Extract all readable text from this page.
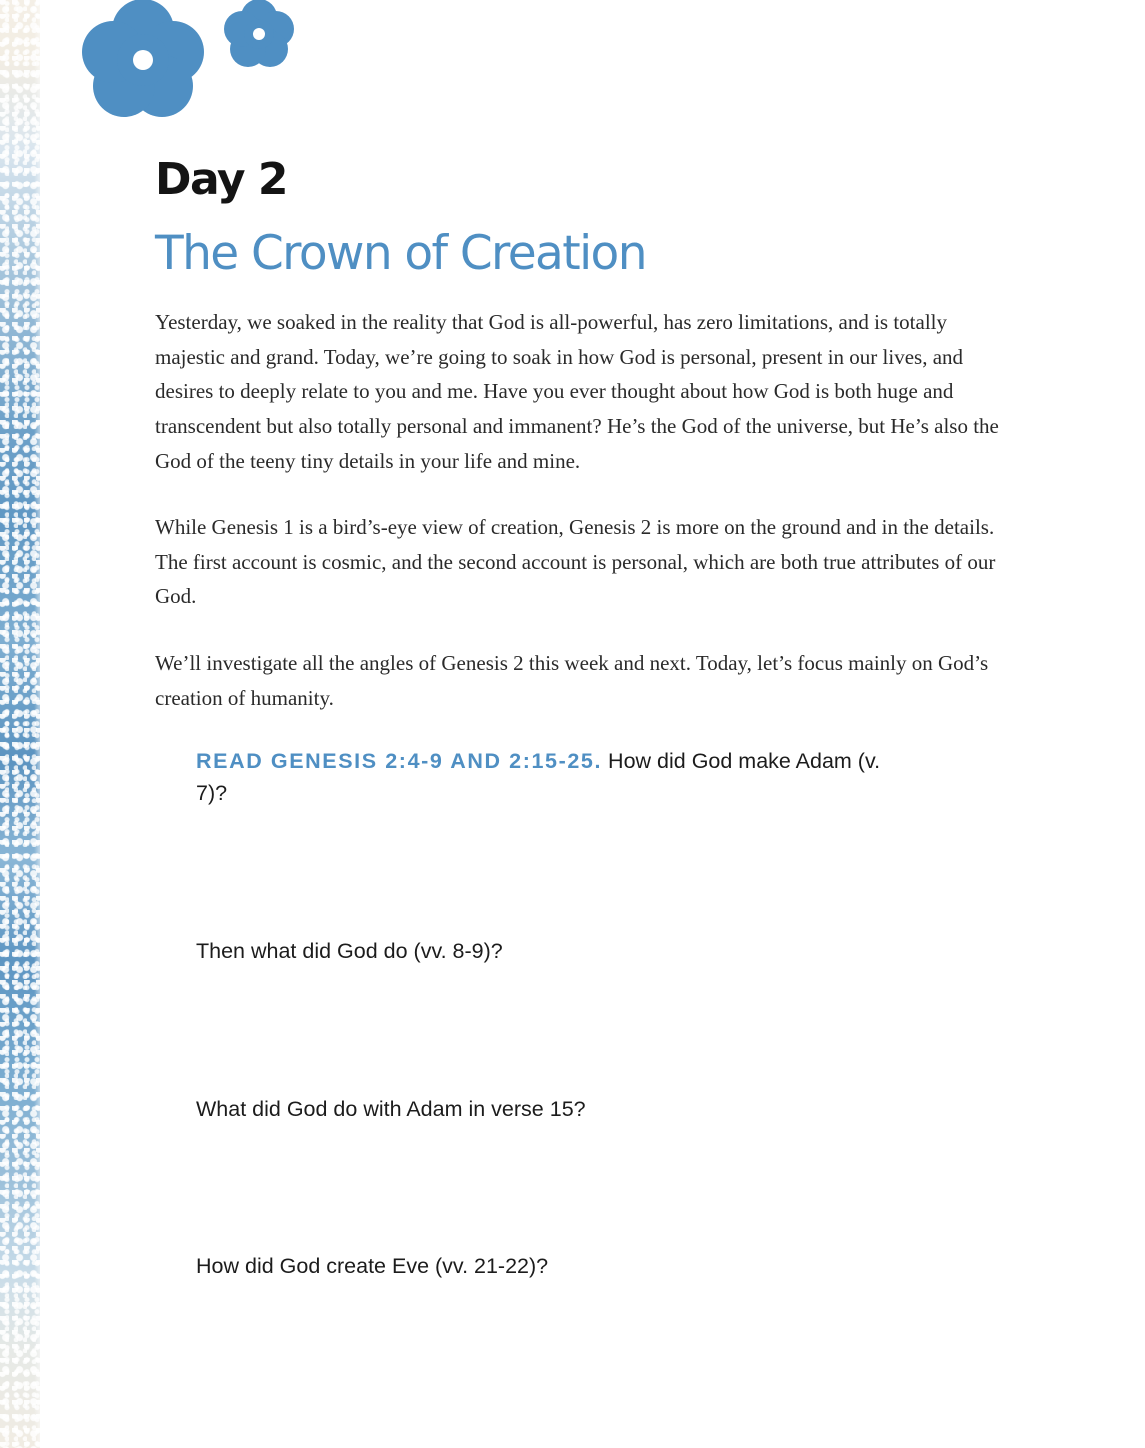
Day 2
The Crown of Creation

Yesterday, we soaked in the reality that God is all-powerful, has zero limitations, and is totally majestic and grand. Today, we’re going to soak in how God is personal, present in our lives, and desires to deeply relate to you and me. Have you ever thought about how God is both huge and transcendent but also totally personal and immanent? He’s the God of the universe, but He’s also the God of the teeny tiny details in your life and mine.

While Genesis 1 is a bird’s-eye view of creation, Genesis 2 is more on the ground and in the details. The first account is cosmic, and the second account is personal, which are both true attributes of our God.

We’ll investigate all the angles of Genesis 2 this week and next. Today, let’s focus mainly on God’s creation of humanity.

READ GENESIS 2:4-9 AND 2:15-25. How did God make Adam (v. 7)?

Then what did God do (vv. 8-9)?

What did God do with Adam in verse 15?

How did God create Eve (vv. 21-22)?
